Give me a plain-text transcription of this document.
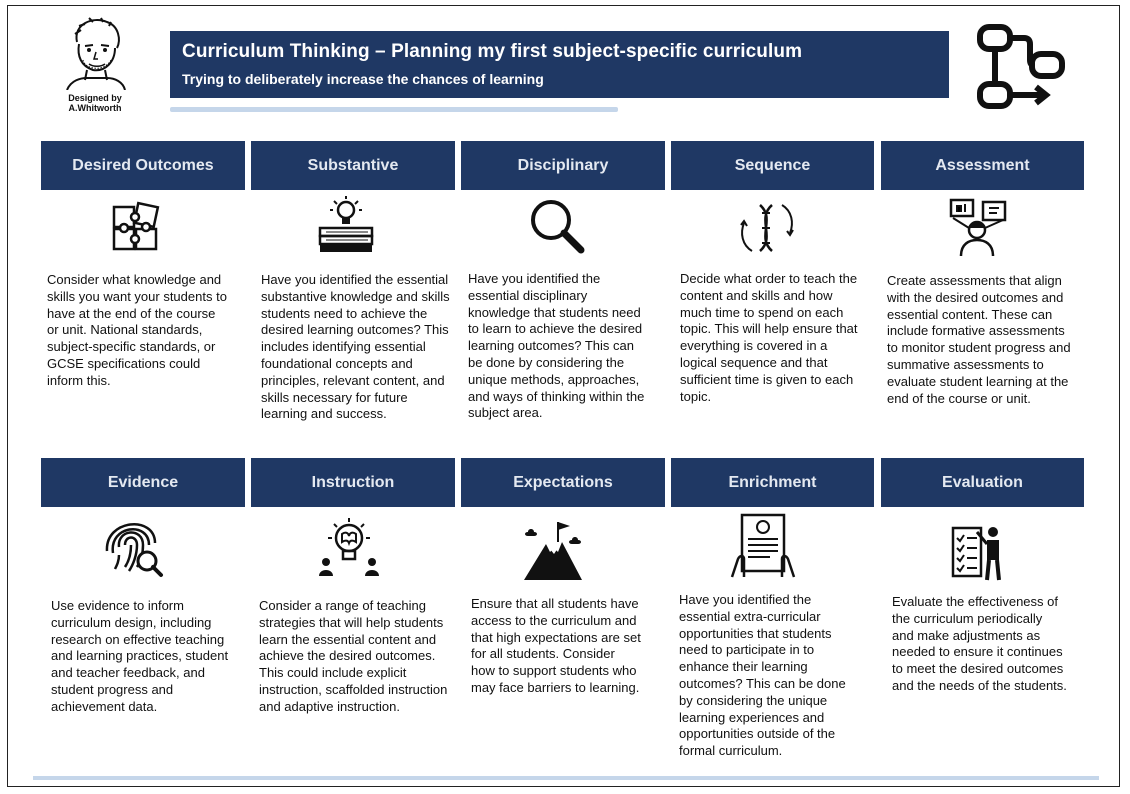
Designed by
A.Whitworth
Curriculum Thinking – Planning my first subject-specific curriculum
Trying to deliberately increase the chances of learning
Desired Outcomes	Substantive	Disciplinary	Sequence	Assessment
Consider what knowledge and skills you want your students to have at the end of the course or unit. National standards, subject-specific standards, or GCSE specifications could inform this.
Have you identified the essential substantive knowledge and skills students need to achieve the desired learning outcomes? This includes identifying essential foundational concepts and principles, relevant content, and skills necessary for future learning and success.
Have you identified the essential disciplinary knowledge that students need to learn to achieve the desired learning outcomes? This can be done by considering the unique methods, approaches, and ways of thinking within the subject area.
Decide what order to teach the content and skills and how much time to spend on each topic. This will help ensure that everything is covered in a logical sequence and that sufficient time is given to each topic.
Create assessments that align with the desired outcomes and essential content. These can include formative assessments to monitor student progress and summative assessments to evaluate student learning at the end of the course or unit.
Evidence	Instruction	Expectations	Enrichment	Evaluation
Use evidence to inform curriculum design, including research on effective teaching and learning practices, student and teacher feedback, and student progress and achievement data.
Consider a range of teaching strategies that will help students learn the essential content and achieve the desired outcomes. This could include explicit instruction, scaffolded instruction and adaptive instruction.
Ensure that all students have access to the curriculum and that high expectations are set for all students. Consider how to support students who may face barriers to learning.
Have you identified the essential extra-curricular opportunities that students need to participate in to enhance their learning outcomes? This can be done by considering the unique learning experiences and opportunities outside of the formal curriculum.
Evaluate the effectiveness of the curriculum periodically and make adjustments as needed to ensure it continues to meet the desired outcomes and the needs of the students.
